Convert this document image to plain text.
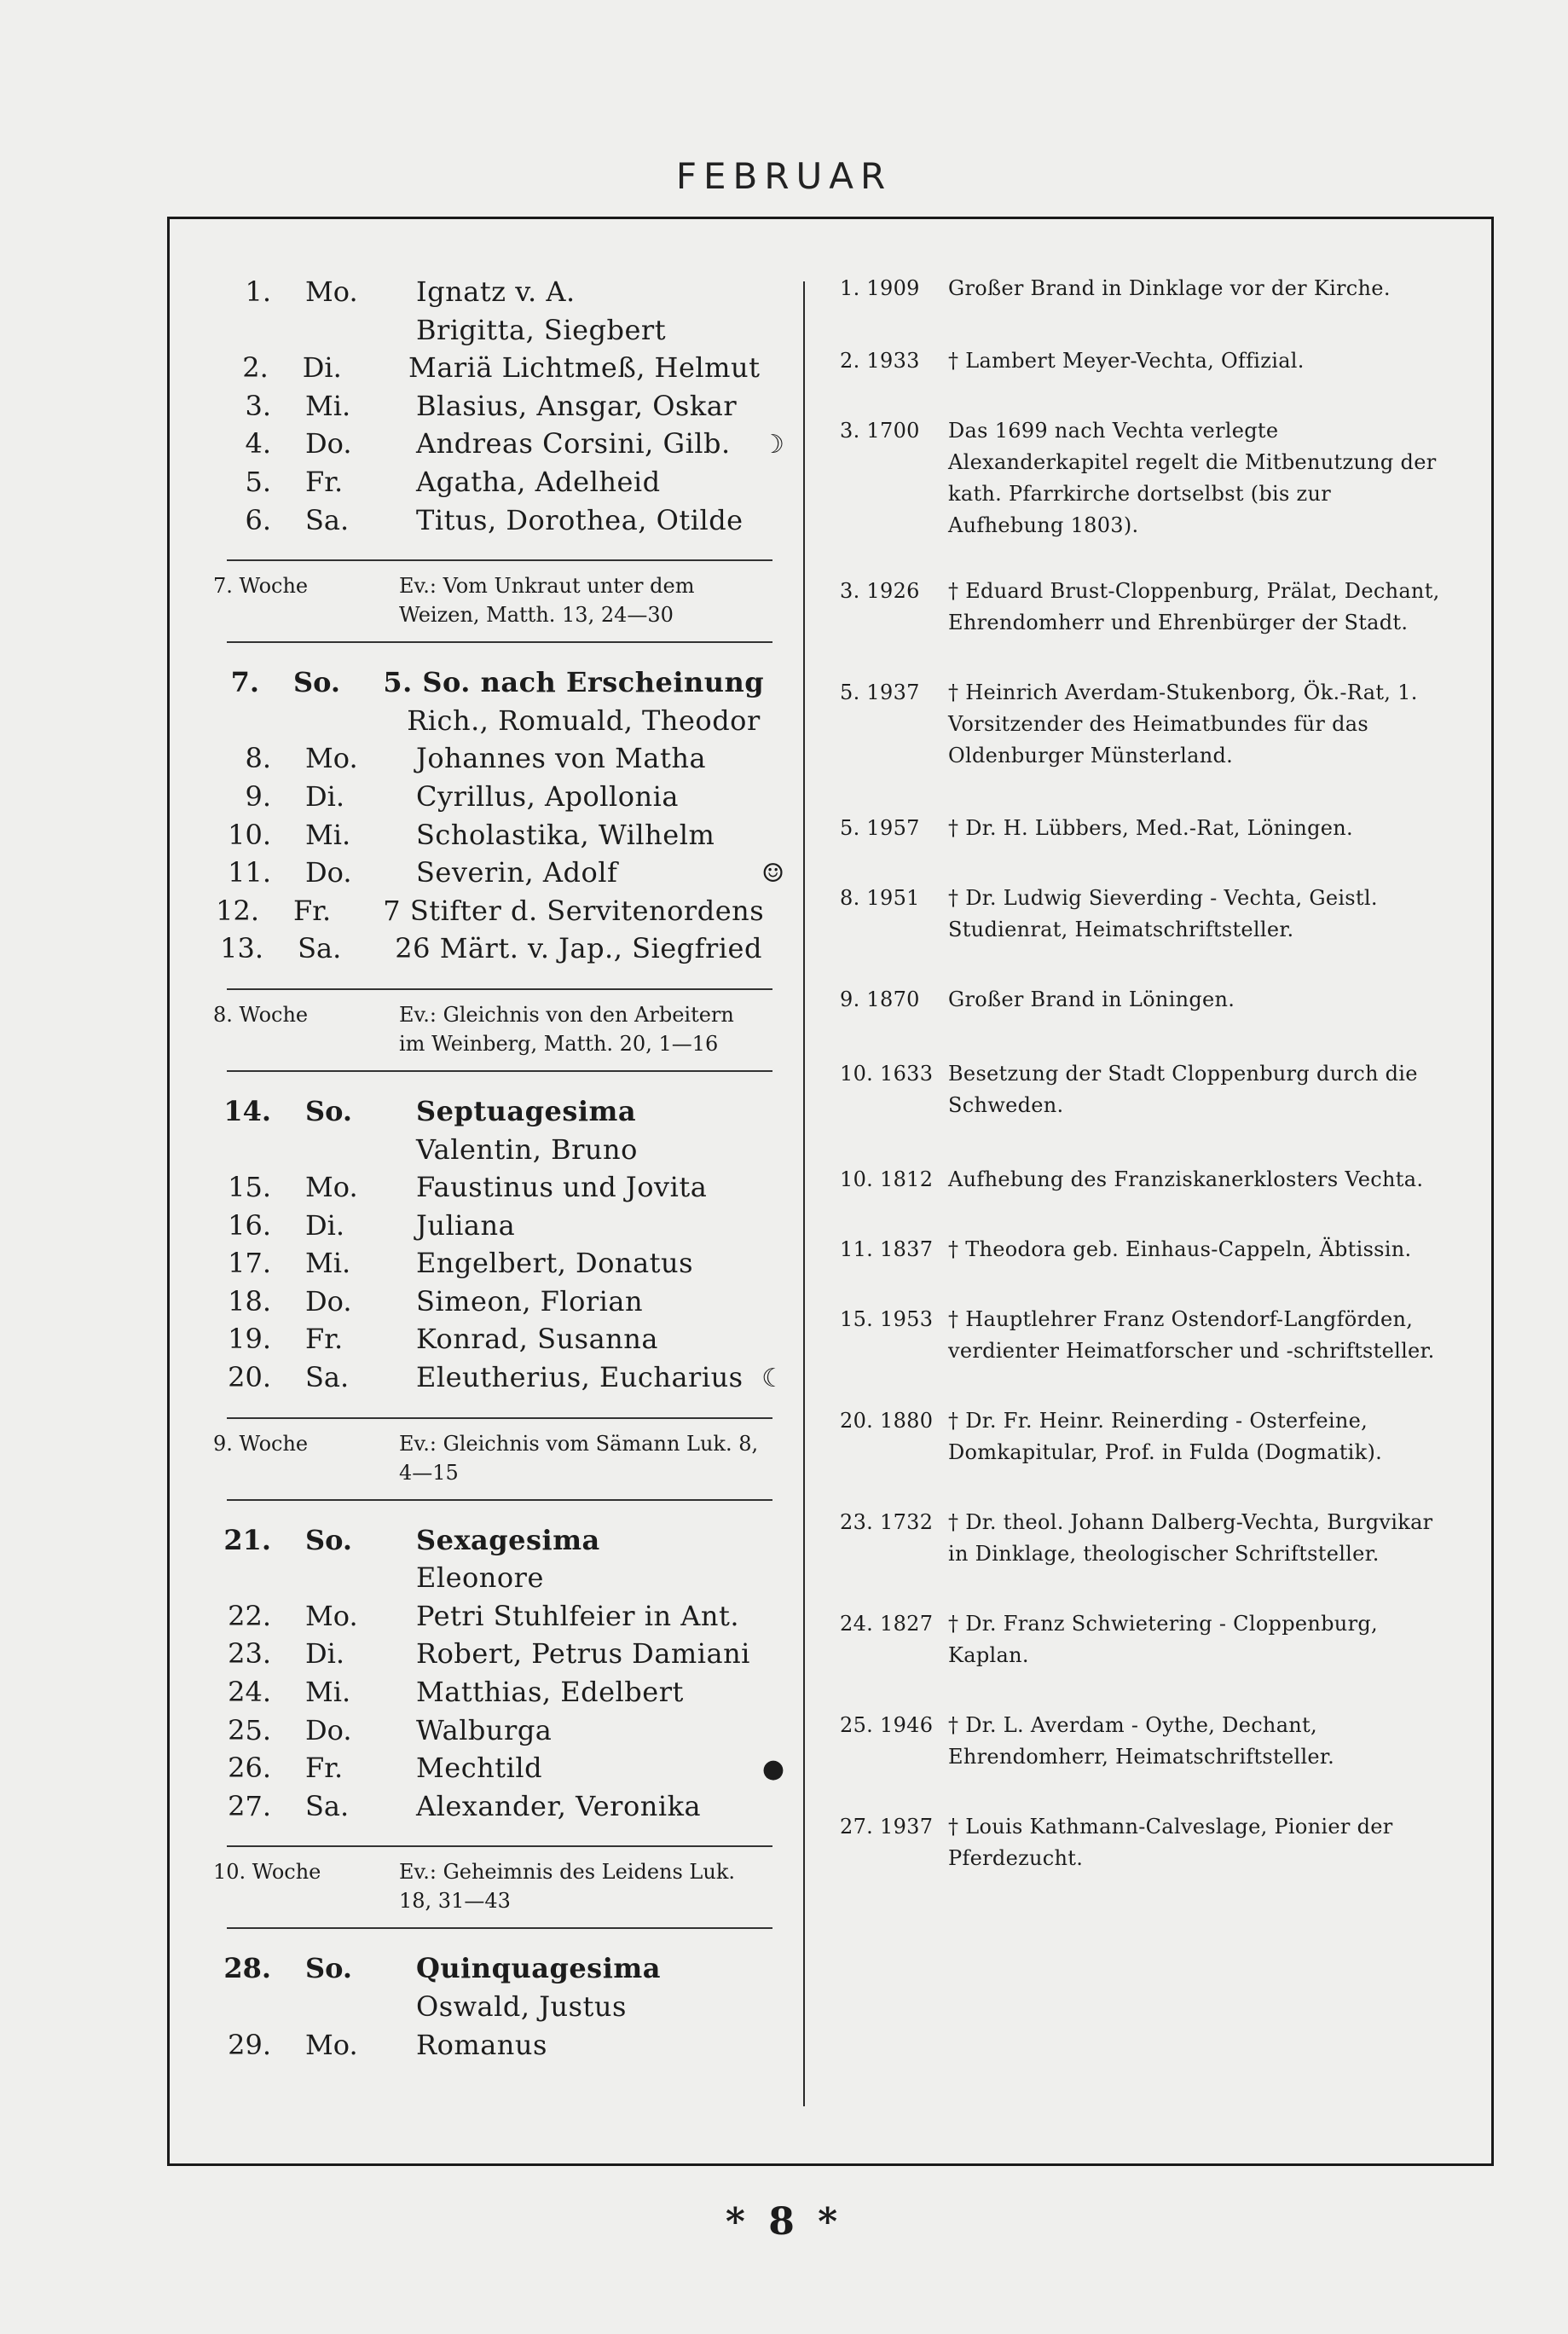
FEBRUAR
1.	Mo.	Ignatz v. A.
Brigitta, Siegbert
2.	Di.	Mariä Lichtmeß, Helmut
3.	Mi.	Blasius, Ansgar, Oskar
4.	Do.	Andreas Corsini, Gilb.	☽
5.	Fr.	Agatha, Adelheid
6.	Sa.	Titus, Dorothea, Otilde
7. Woche	Ev.: Vom Unkraut unter dem Weizen, Matth. 13, 24—30
7.	So.	5. So. nach Erscheinung
Rich., Romuald, Theodor
8.	Mo.	Johannes von Matha
9.	Di.	Cyrillus, Apollonia
10.	Mi.	Scholastika, Wilhelm
11.	Do.	Severin, Adolf	☺
12.	Fr.	7 Stifter d. Servitenordens
13.	Sa.	26 Märt. v. Jap., Siegfried
8. Woche	Ev.: Gleichnis von den Arbeitern im Weinberg, Matth. 20, 1—16
14.	So.	Septuagesima
Valentin, Bruno
15.	Mo.	Faustinus und Jovita
16.	Di.	Juliana
17.	Mi.	Engelbert, Donatus
18.	Do.	Simeon, Florian
19.	Fr.	Konrad, Susanna
20.	Sa.	Eleutherius, Eucharius ☾
9. Woche	Ev.: Gleichnis vom Sämann Luk. 8, 4—15
21.	So.	Sexagesima
Eleonore
22.	Mo.	Petri Stuhlfeier in Ant.
23.	Di.	Robert, Petrus Damiani
24.	Mi.	Matthias, Edelbert
25.	Do.	Walburga
26.	Fr.	Mechtild	●
27.	Sa.	Alexander, Veronika
10. Woche	Ev.: Geheimnis des Leidens Luk. 18, 31—43
28.	So.	Quinquagesima
Oswald, Justus
29.	Mo.	Romanus
1. 1909	Großer Brand in Dinklage vor der Kirche.
2. 1933	† Lambert Meyer-Vechta, Offizial.
3. 1700	Das 1699 nach Vechta verlegte Alexanderkapitel regelt die Mitbenutzung der kath. Pfarrkirche dortselbst (bis zur Aufhebung 1803).
3. 1926	† Eduard Brust-Cloppenburg, Prälat, Dechant, Ehrendomherr und Ehrenbürger der Stadt.
5. 1937	† Heinrich Averdam-Stukenborg, Ök.-Rat, 1. Vorsitzender des Heimatbundes für das Oldenburger Münsterland.
5. 1957	† Dr. H. Lübbers, Med.-Rat, Löningen.
8. 1951	† Dr. Ludwig Sieverding - Vechta, Geistl. Studienrat, Heimatschriftsteller.
9. 1870	Großer Brand in Löningen.
10. 1633 Besetzung der Stadt Cloppenburg durch die Schweden.
10. 1812 Aufhebung des Franziskanerklosters Vechta.
11. 1837 † Theodora geb. Einhaus-Cappeln, Äbtissin.
15. 1953 † Hauptlehrer Franz Ostendorf-Langförden, verdienter Heimatforscher und -schriftsteller.
20. 1880 † Dr. Fr. Heinr. Reinerding - Osterfeine, Domkapitular, Prof. in Fulda (Dogmatik).
23. 1732 † Dr. theol. Johann Dalberg-Vechta, Burgvikar in Dinklage, theologischer Schriftsteller.
24. 1827 † Dr. Franz Schwietering - Cloppenburg, Kaplan.
25. 1946 † Dr. L. Averdam - Oythe, Dechant, Ehrendomherr, Heimatschriftsteller.
27. 1937 † Louis Kathmann-Calveslage, Pionier der Pferdezucht.
* 8 *
